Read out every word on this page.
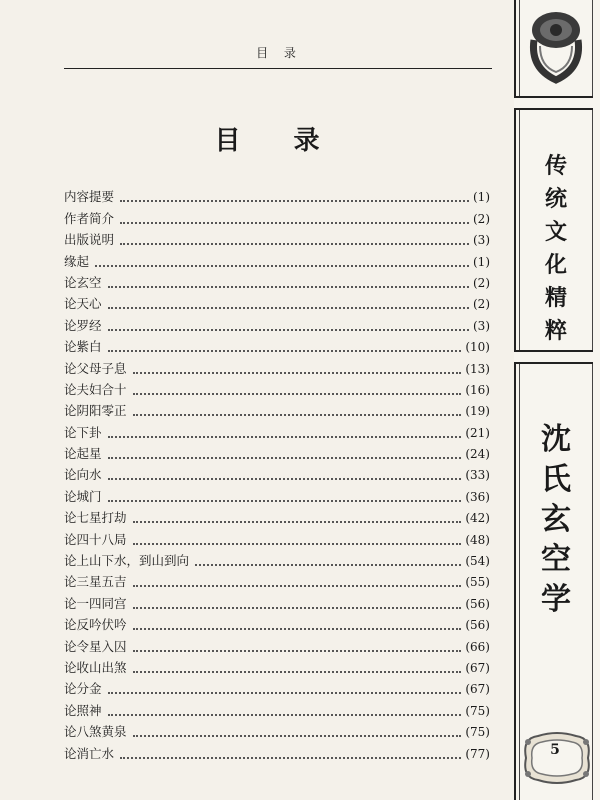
目 录
目 录
内容提要	(1)
作者简介	(2)
出版说明	(3)
缘起	(1)
论玄空	(2)
论天心	(2)
论罗经	(3)
论紫白	(10)
论父母子息	(13)
论夫妇合十	(16)
论阴阳零正	(19)
论下卦	(21)
论起星	(24)
论向水	(33)
论城门	(36)
论七星打劫	(42)
论四十八局	(48)
论上山下水，到山到向	(54)
论三星五吉	(55)
论一四同宫	(56)
论反吟伏吟	(56)
论令星入囚	(66)
论收山出煞	(67)
论分金	(67)
论照神	(75)
论八煞黄泉	(75)
论消亡水	(77)
传
统
文
化
精
粹

沈
氏
玄
空
学

5
